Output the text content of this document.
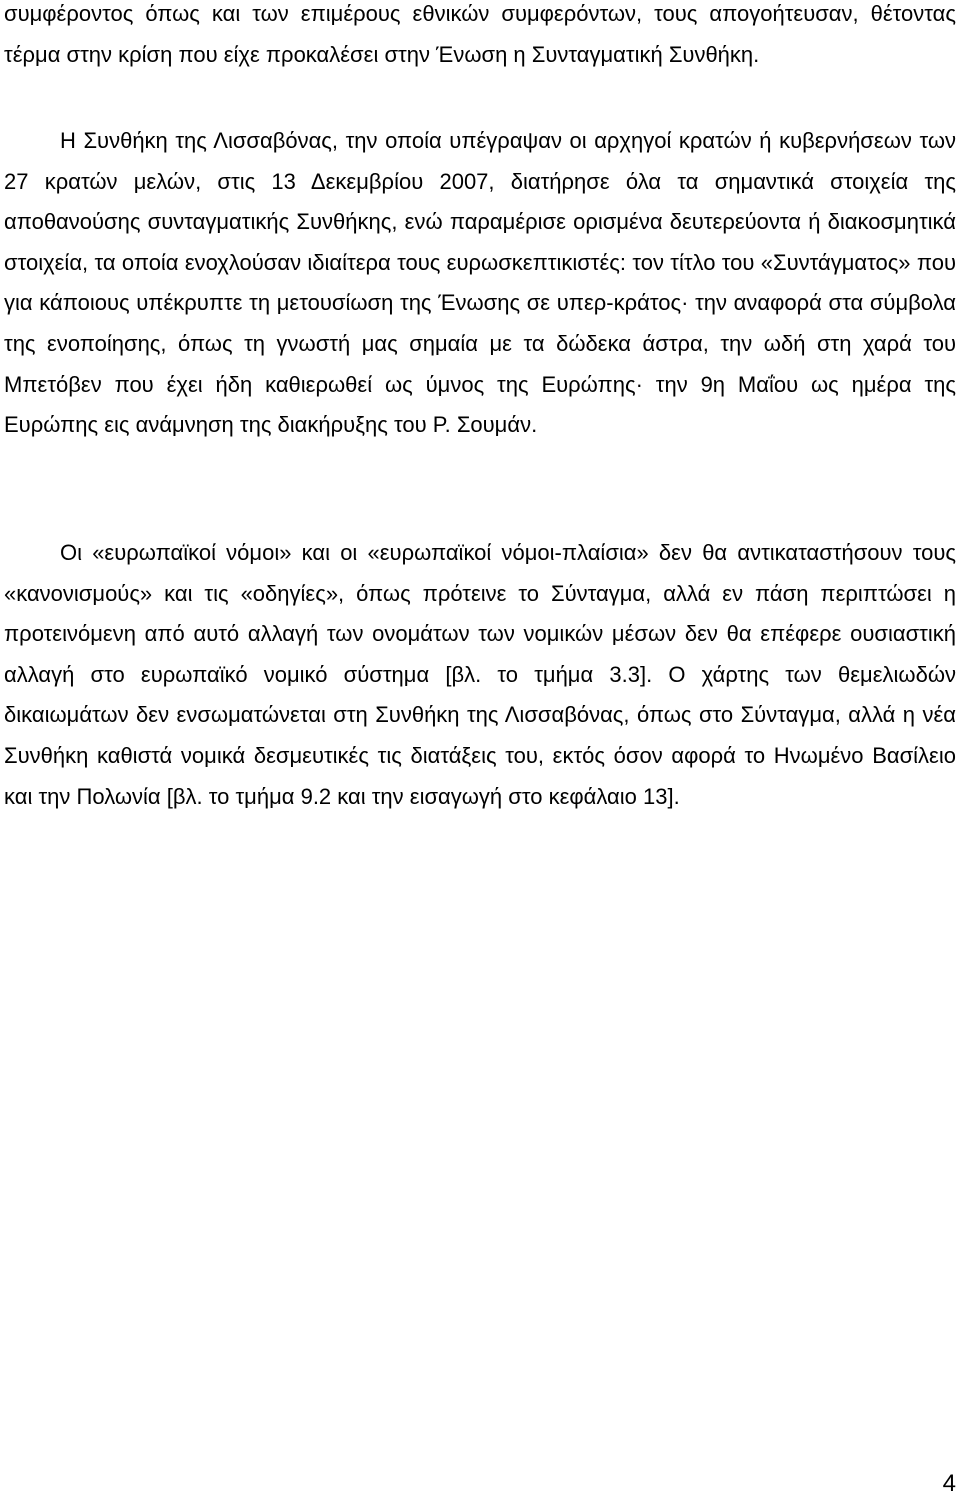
συμφέροντος όπως και των επιμέρους εθνικών συμφερόντων, τους απογοήτευσαν, θέτοντας τέρμα στην κρίση που είχε προκαλέσει στην Ένωση η Συνταγματική Συνθήκη.

Η Συνθήκη της Λισσαβόνας, την οποία υπέγραψαν οι αρχηγοί κρατών ή κυβερνήσεων των 27 κρατών μελών, στις 13 Δεκεμβρίου 2007, διατήρησε όλα τα σημαντικά στοιχεία της αποθανούσης συνταγματικής Συνθήκης, ενώ παραμέρισε ορισμένα δευτερεύοντα ή διακοσμητικά στοιχεία, τα οποία ενοχλούσαν ιδιαίτερα τους ευρωσκεπτικιστές: τον τίτλο του «Συντάγματος» που για κάποιους υπέκρυπτε τη μετουσίωση της Ένωσης σε υπερ-κράτος· την αναφορά στα σύμβολα της ενοποίησης, όπως τη γνωστή μας σημαία με τα δώδεκα άστρα, την ωδή στη χαρά του Μπετόβεν που έχει ήδη καθιερωθεί ως ύμνος της Ευρώπης· την 9η Μαΐου ως ημέρα της Ευρώπης εις ανάμνηση της διακήρυξης του Ρ. Σουμάν.

Οι «ευρωπαϊκοί νόμοι» και οι «ευρωπαϊκοί νόμοι-πλαίσια» δεν θα αντικαταστήσουν τους «κανονισμούς» και τις «οδηγίες», όπως πρότεινε το Σύνταγμα, αλλά εν πάση περιπτώσει η προτεινόμενη από αυτό αλλαγή των ονομάτων των νομικών μέσων δεν θα επέφερε ουσιαστική αλλαγή στο ευρωπαϊκό νομικό σύστημα [βλ. το τμήμα 3.3]. Ο χάρτης των θεμελιωδών δικαιωμάτων δεν ενσωματώνεται στη Συνθήκη της Λισσαβόνας, όπως στο Σύνταγμα, αλλά η νέα Συνθήκη καθιστά νομικά δεσμευτικές τις διατάξεις του, εκτός όσον αφορά το Ηνωμένο Βασίλειο και την Πολωνία [βλ. το τμήμα 9.2 και την εισαγωγή στο κεφάλαιο 13].

4
